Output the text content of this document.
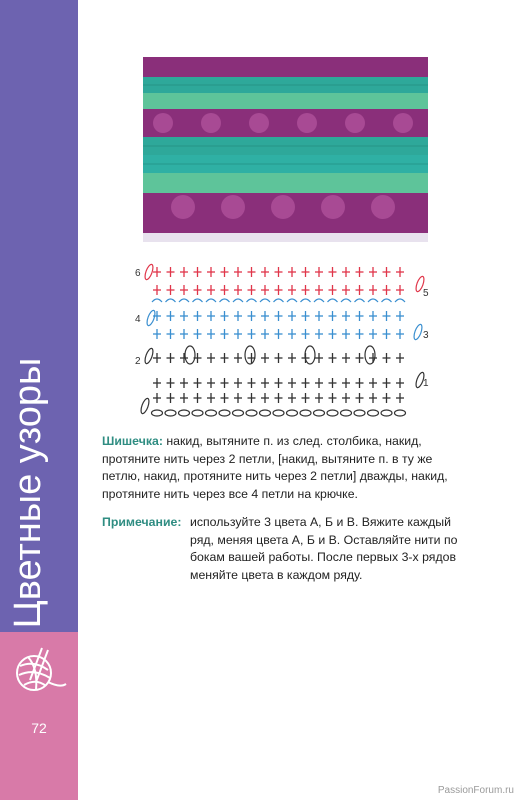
Цветные узоры
72
6
4
2
5
3
1
Шишечка: накид, вытяните п. из след. столбика, накид, протяните нить через 2 петли, [накид, вытяните п. в ту же петлю, накид, протяните нить через 2 петли] дважды, накид, протяните нить через все 4 петли на крючке.
Примечание: используйте 3 цвета А, Б и В. Вяжите каждый ряд, меняя цвета А, Б и В. Оставляйте нити по бокам вашей работы. После первых 3-х рядов меняйте цвета в каждом ряду.
PassionForum.ru
